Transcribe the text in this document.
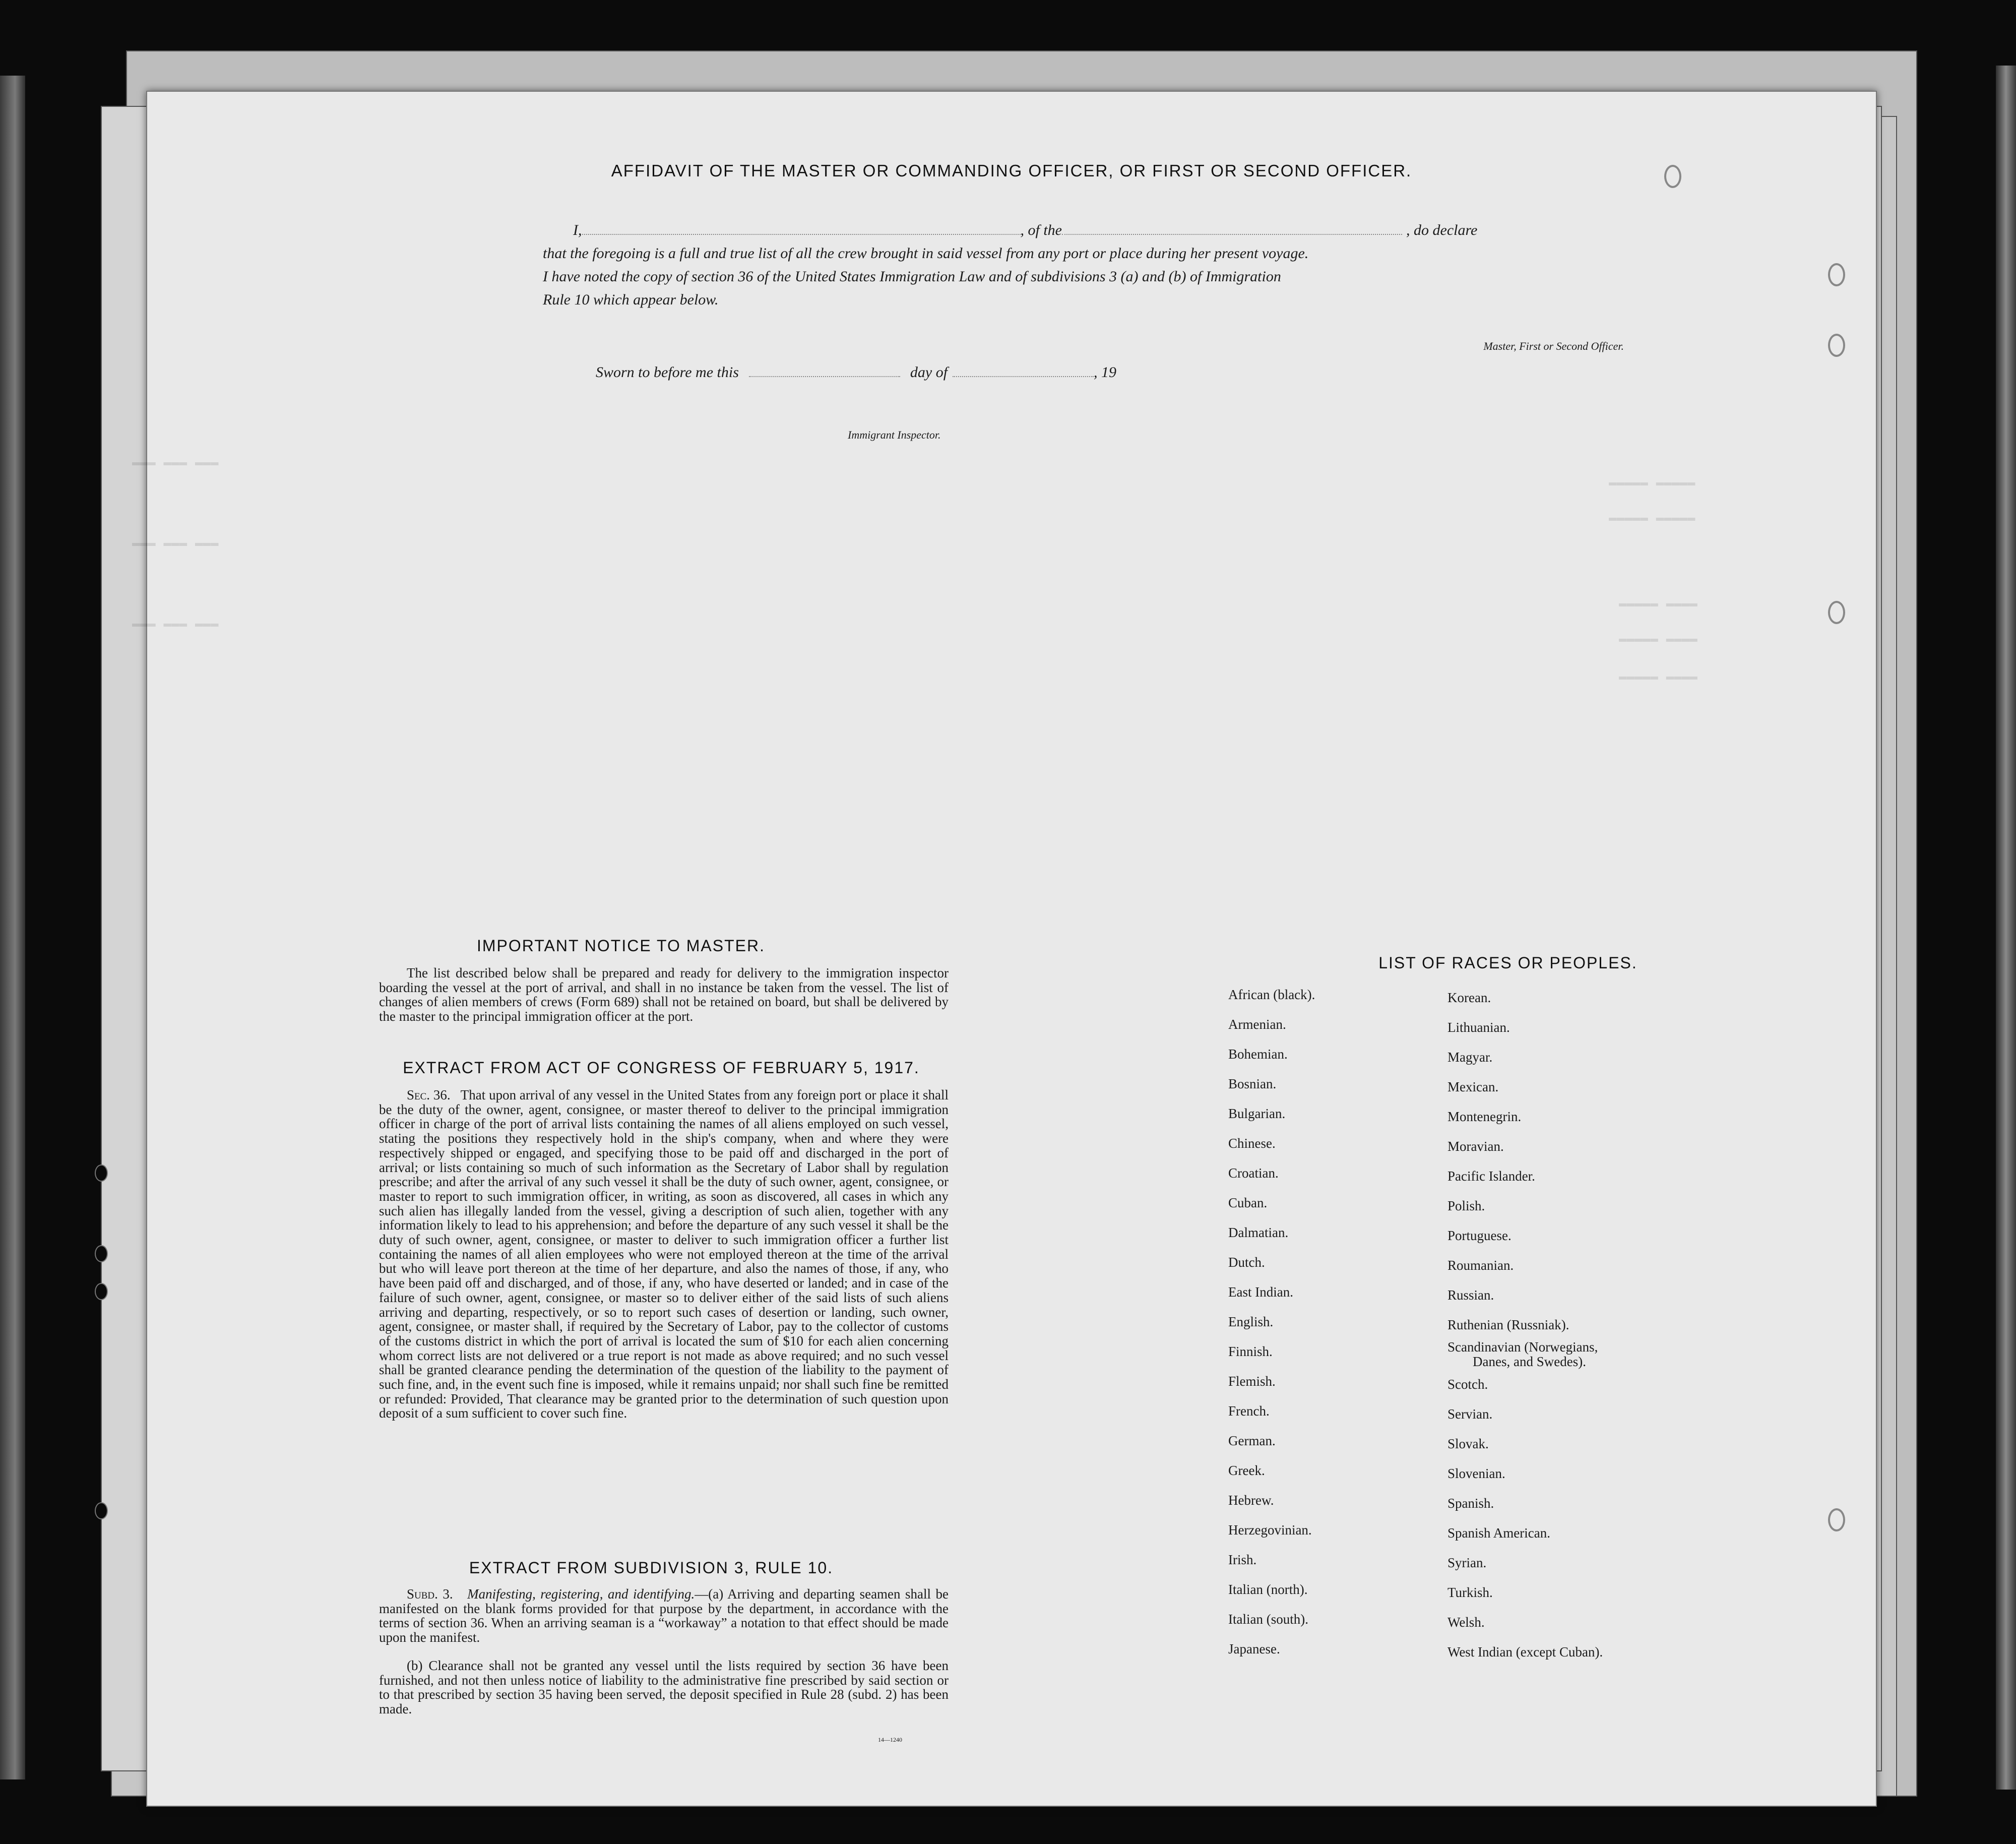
▬▬▬▬▬ ▬▬▬▬▬
▬▬▬▬▬ ▬▬▬▬▬
▬▬▬▬▬ ▬▬▬▬
▬▬▬▬▬ ▬▬▬▬
▬▬▬▬▬ ▬▬▬▬
▬▬▬ ▬▬▬ ▬▬▬
▬▬▬ ▬▬▬ ▬▬▬
▬▬▬ ▬▬▬ ▬▬▬
AFFIDAVIT OF THE MASTER OR COMMANDING OFFICER, OR FIRST OR SECOND OFFICER.
I,	, of the	, do declare
that the foregoing is a full and true list of all the crew brought in said vessel from any port or place during her present voyage.
I have noted the copy of section 36 of the United States Immigration Law and of subdivisions 3 (a) and (b) of Immigration
Rule 10 which appear below.
Master, First or Second Officer.
Sworn to before me this	day of	, 19
Immigrant Inspector.
IMPORTANT NOTICE TO MASTER.
The list described below shall be prepared and ready for delivery to the immigration inspector boarding the vessel at the port of arrival, and shall in no instance be taken from the vessel. The list of changes of alien members of crews (Form 689) shall not be retained on board, but shall be delivered by the master to the principal immigration officer at the port.
EXTRACT FROM ACT OF CONGRESS OF FEBRUARY 5, 1917.
Sec. 36. That upon arrival of any vessel in the United States from any foreign port or place it shall be the duty of the owner, agent, consignee, or master thereof to deliver to the principal immigration officer in charge of the port of arrival lists containing the names of all aliens employed on such vessel, stating the positions they respectively hold in the ship's company, when and where they were respectively shipped or engaged, and specifying those to be paid off and discharged in the port of arrival; or lists containing so much of such information as the Secretary of Labor shall by regulation prescribe; and after the arrival of any such vessel it shall be the duty of such owner, agent, consignee, or master to report to such immigration officer, in writing, as soon as discovered, all cases in which any such alien has illegally landed from the vessel, giving a description of such alien, together with any information likely to lead to his apprehension; and before the departure of any such vessel it shall be the duty of such owner, agent, consignee, or master to deliver to such immigration officer a further list containing the names of all alien employees who were not employed thereon at the time of the arrival but who will leave port thereon at the time of her departure, and also the names of those, if any, who have been paid off and discharged, and of those, if any, who have deserted or landed; and in case of the failure of such owner, agent, consignee, or master so to deliver either of the said lists of such aliens arriving and departing, respectively, or so to report such cases of desertion or landing, such owner, agent, consignee, or master shall, if required by the Secretary of Labor, pay to the collector of customs of the customs district in which the port of arrival is located the sum of $10 for each alien concerning whom correct lists are not delivered or a true report is not made as above required; and no such vessel shall be granted clearance pending the determination of the question of the liability to the payment of such fine, and, in the event such fine is imposed, while it remains unpaid; nor shall such fine be remitted or refunded: Provided, That clearance may be granted prior to the determination of such question upon deposit of a sum sufficient to cover such fine.
EXTRACT FROM SUBDIVISION 3, RULE 10.
Subd. 3. Manifesting, registering, and identifying.—(a) Arriving and departing seamen shall be manifested on the blank forms provided for that purpose by the department, in accordance with the terms of section 36. When an arriving seaman is a “workaway” a notation to that effect should be made upon the manifest.
(b) Clearance shall not be granted any vessel until the lists required by section 36 have been furnished, and not then unless notice of liability to the administrative fine prescribed by said section or to that prescribed by section 35 having been served, the deposit specified in Rule 28 (subd. 2) has been made.
14—1240
LIST OF RACES OR PEOPLES.
African (black).
Armenian.
Bohemian.
Bosnian.
Bulgarian.
Chinese.
Croatian.
Cuban.
Dalmatian.
Dutch.
East Indian.
English.
Finnish.
Flemish.
French.
German.
Greek.
Hebrew.
Herzegovinian.
Irish.
Italian (north).
Italian (south).
Japanese.
Korean.
Lithuanian.
Magyar.
Mexican.
Montenegrin.
Moravian.
Pacific Islander.
Polish.
Portuguese.
Roumanian.
Russian.
Ruthenian (Russniak).
Scandinavian (Norwegians,
Danes, and Swedes).
Scotch.
Servian.
Slovak.
Slovenian.
Spanish.
Spanish American.
Syrian.
Turkish.
Welsh.
West Indian (except Cuban).
